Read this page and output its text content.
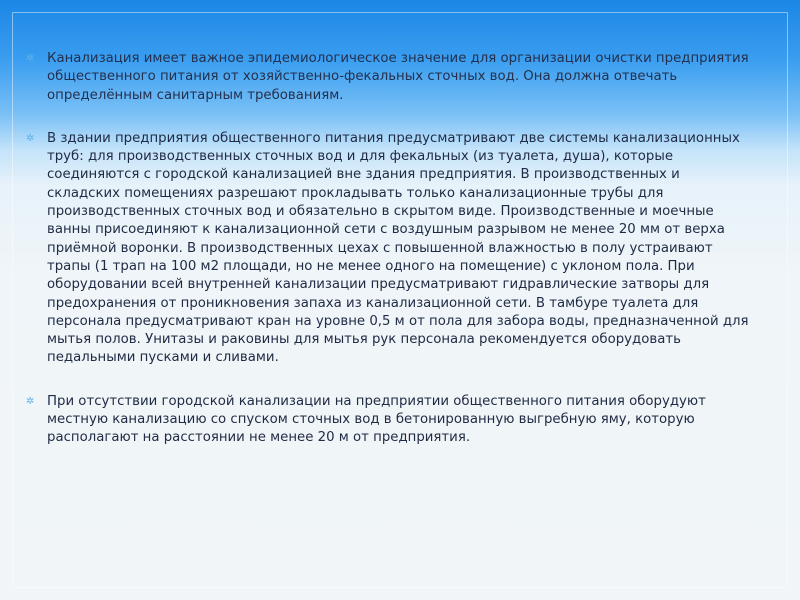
✲ Канализация имеет важное эпидемиологическое значение для организации очистки предприятия общественного питания от хозяйственно-фекальных сточных вод. Она должна отвечать определённым санитарным требованиям.

✲ В здании предприятия общественного питания предусматривают две системы канализационных труб: для производственных сточных вод и для фекальных (из туалета, душа), которые соединяются с городской канализацией вне здания предприятия. В производственных и складских помещениях разрешают прокладывать только канализационные трубы для производственных сточных вод и обязательно в скрытом виде. Производственные и моечные ванны присоединяют к канализационной сети с воздушным разрывом не менее 20 мм от верха приёмной воронки. В производственных цехах с повышенной влажностью в полу устраивают трапы (1 трап на 100 м2 площади, но не менее одного на помещение) с уклоном пола. При оборудовании всей внутренней канализации предусматривают гидравлические затворы для предохранения от проникновения запаха из канализационной сети. В тамбуре туалета для персонала предусматривают кран на уровне 0,5 м от пола для забора воды, предназначенной для мытья полов. Унитазы и раковины для мытья рук персонала рекомендуется оборудовать педальными пусками и сливами.

✲ При отсутствии городской канализации на предприятии общественного питания оборудуют местную канализацию со спуском сточных вод в бетонированную выгребную яму, которую располагают на расстоянии не менее 20 м от предприятия.
